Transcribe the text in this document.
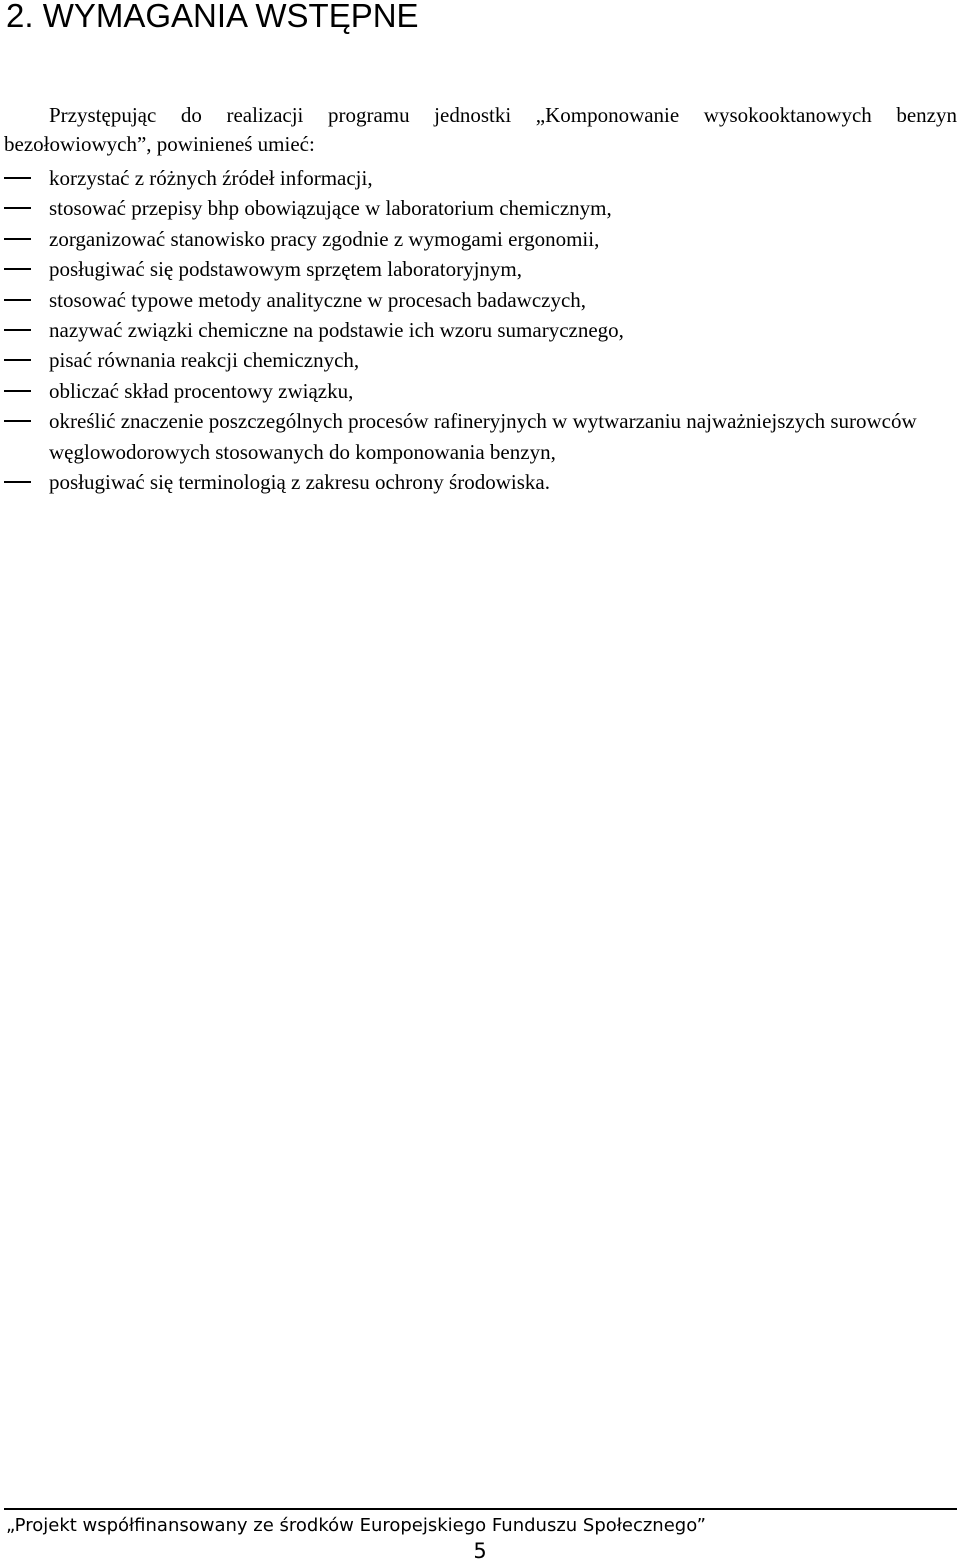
2. WYMAGANIA WSTĘPNE

Przystępując do realizacji programu jednostki „Komponowanie wysokooktanowych benzyn bezołowiowych”, powinieneś umieć:

korzystać z różnych źródeł informacji,
stosować przepisy bhp obowiązujące w laboratorium chemicznym,
zorganizować stanowisko pracy zgodnie z wymogami ergonomii,
posługiwać się podstawowym sprzętem laboratoryjnym,
stosować typowe metody analityczne w procesach badawczych,
nazywać związki chemiczne na podstawie ich wzoru sumarycznego,
pisać równania reakcji chemicznych,
obliczać skład procentowy związku,
określić znaczenie poszczególnych procesów rafineryjnych w wytwarzaniu najważniejszych surowców węglowodorowych stosowanych do komponowania benzyn,
posługiwać się terminologią z zakresu ochrony środowiska.

„Projekt współfinansowany ze środków Europejskiego Funduszu Społecznego”

5
